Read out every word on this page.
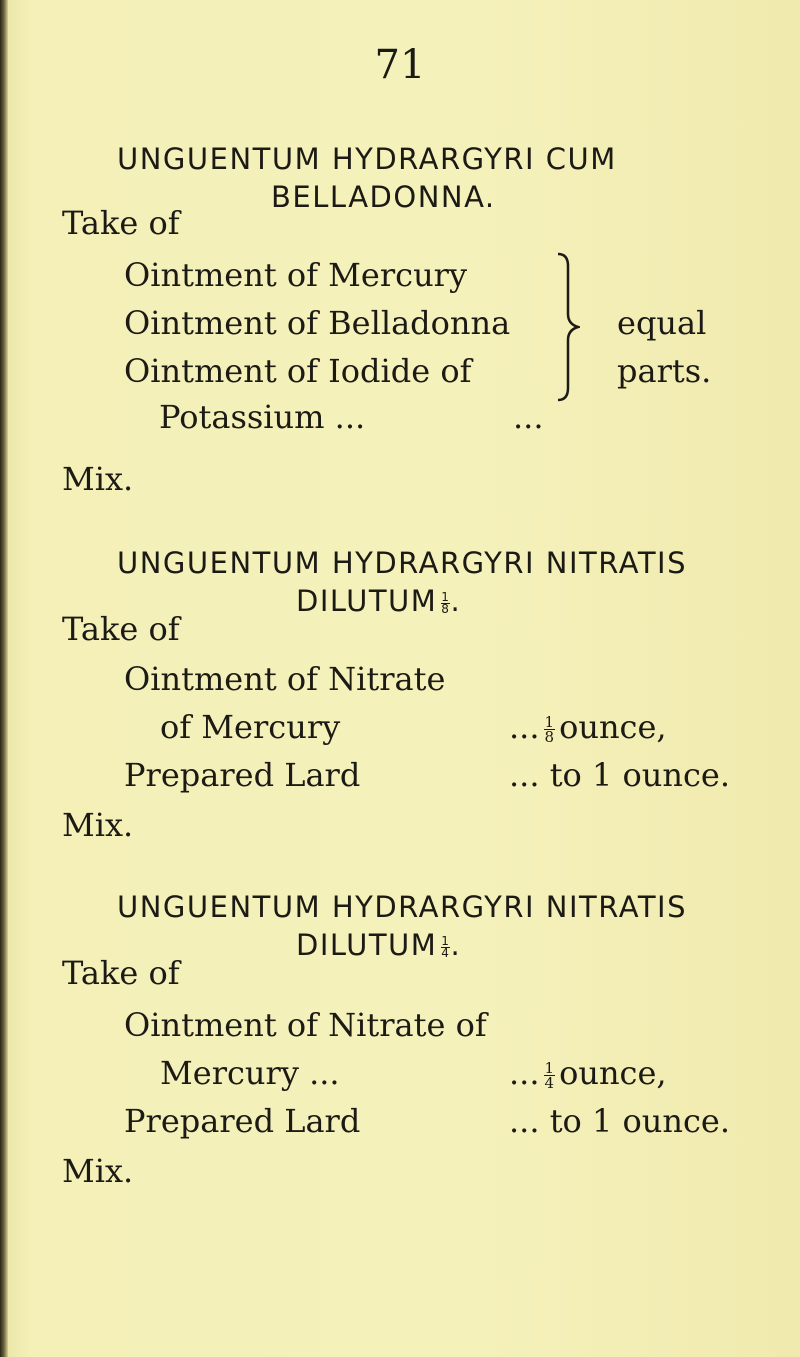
71
UNGUENTUM HYDRARGYRI CUM
BELLADONNA.
Take of
Ointment of Mercury
Ointment of Belladonna
Ointment of Iodide of
Potassium ...	...
equal
parts.
Mix.
UNGUENTUM HYDRARGYRI NITRATIS
DILUTUM $\frac{1}{8}$ .
Take of
Ointment of Nitrate
of Mercury	... $\frac{1}{8}$ ounce,
Prepared Lard	... to 1 ounce.
Mix.
UNGUENTUM HYDRARGYRI NITRATIS
DILUTUM $\frac{1}{4}$ .
Take of
Ointment of Nitrate of
Mercury ...	... $\frac{1}{4}$ ounce,
Prepared Lard	... to 1 ounce.
Mix.
